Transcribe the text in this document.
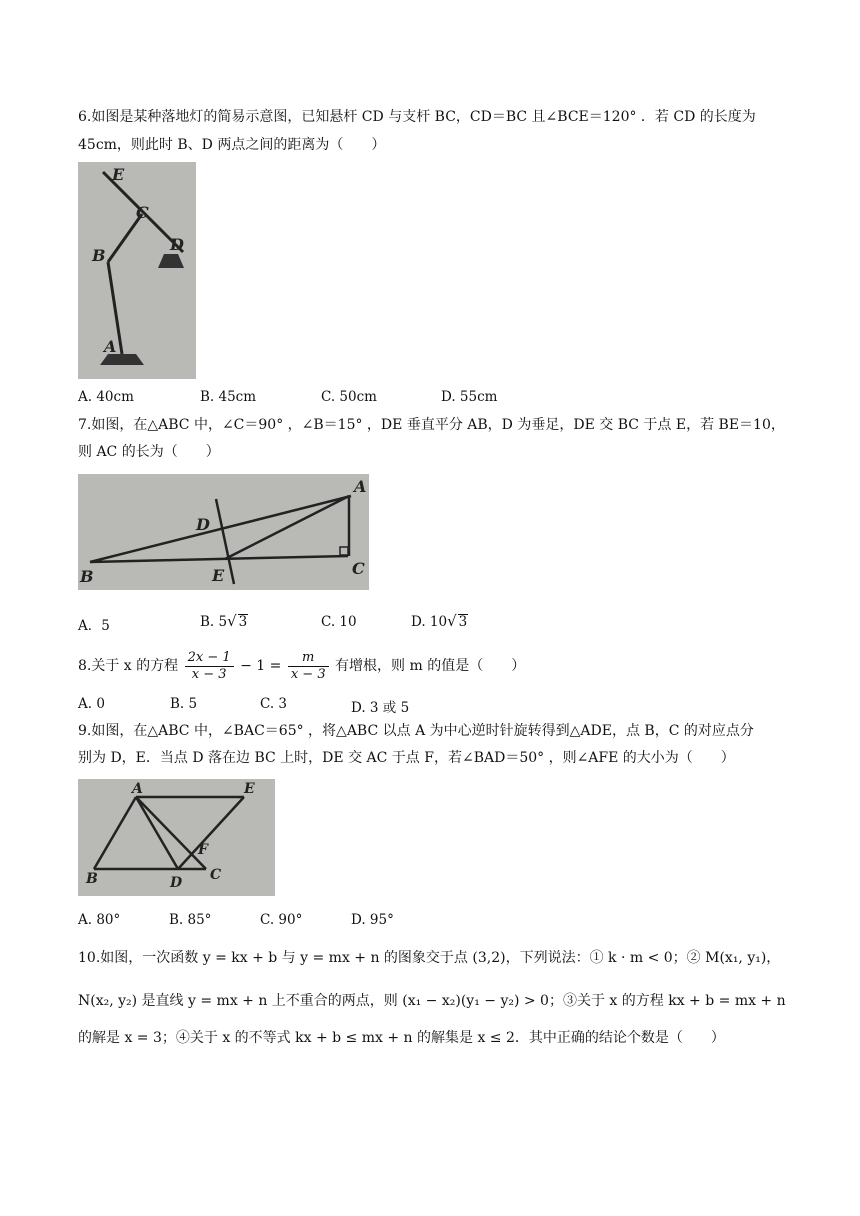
6.如图是某种落地灯的简易示意图，已知悬杆 CD 与支杆 BC，CD＝BC 且∠BCE＝120° ．若 CD 的长度为
45cm，则此时 B、D 两点之间的距离为（　　）
E
C
B
D
A
A. 40cm	B. 45cm	C. 50cm	D. 55cm
7.如图，在△ABC 中，∠C＝90° ，∠B＝15° ，DE 垂直平分 AB，D 为垂足，DE 交 BC 于点 E，若 BE＝10，
则 AC 的长为（　　）
A
D
B	E	C
A．5	B. 5√ 3	C. 10	D. 10√ 3
8.关于 x 的方程 $\frac{2x - 1}{x - 3} - 1 = \frac{m}{x - 3}$ 有增根，则 m 的值是（　　）
A. 0	B. 5	C. 3	D. 3 或 5
9.如图，在△ABC 中，∠BAC＝65° ，将△ABC 以点 A 为中心逆时针旋转得到△ADE，点 B，C 的对应点分
别为 D，E．当点 D 落在边 BC 上时，DE 交 AC 于点 F，若∠BAD＝50° ，则∠AFE 的大小为（　　）
A	E
F
B	D C
A. 80°	B. 85°	C. 90°	D. 95°
10.如图，一次函数 y = kx + b 与 y = mx + n 的图象交于点 (3,2)，下列说法：① k · m < 0；② M(x₁, y₁)，
N(x₂, y₂) 是直线 y = mx + n 上不重合的两点，则 (x₁ − x₂)(y₁ − y₂) > 0；③关于 x 的方程 kx + b = mx + n
的解是 x = 3；④关于 x 的不等式 kx + b ≤ mx + n 的解集是 x ≤ 2．其中正确的结论个数是（　　）
